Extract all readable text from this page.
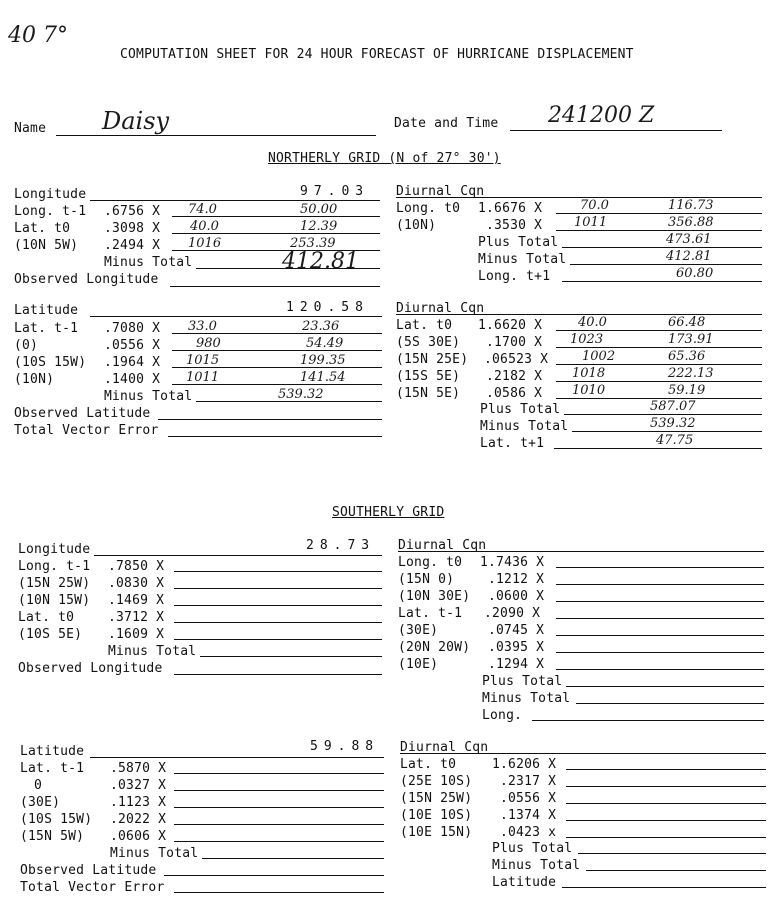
40 7°
COMPUTATION SHEET FOR 24 HOUR FORECAST OF HURRICANE DISPLACEMENT
Name Daisy	Date and Time 241200 Z
NORTHERLY GRID (N of 27° 30')
Longitude	97.03
Long. t-1 .6756 X 74.0	50.00
Lat. t0	.3098 X 40.0	12.39
(10N 5W) .2494 X 1016	253.39
Minus Total	412.81
Observed Longitude
Diurnal Cqn
Long. t0 1.6676 X	70.0	116.73
(10N)	.3530 X 1011	356.88
Plus Total	473.61
Minus Total	412.81
Long. t+1	60.80
Latitude	120.58
Lat. t-1 .7080 X 33.0	23.36
(0)	.0556 X	980	54.49
(10S 15W) .1964 X 1015	199.35
(10N)	.1400 X 1011	141.54
Minus Total	539.32
Observed Latitude
Total Vector Error
Diurnal Cqn
Lat. t0 1.6620 X	40.0	66.48
(5S 30E) .1700 X 1023	173.91
(15N 25E) .06523 X	1002	65.36
(15S 5E) .2182 X 1018	222.13
(15N 5E) .0586 X 1010	59.19
Plus Total	587.07
Minus Total	539.32
Lat. t+1	47.75
SOUTHERLY GRID
Longitude	28.73
Long. t-1 .7850 X
(15N 25W) .0830 X
(10N 15W) .1469 X
Lat. t0	.3712 X
(10S 5E) .1609 X
Minus Total
Observed Longitude
Diurnal Cqn
Long. t0 1.7436 X
(15N 0)	.1212 X
(10N 30E) .0600 X
Lat. t-1 .2090 X
(30E)	.0745 X
(20N 20W) .0395 X
(10E)	.1294 X
Plus Total
Minus Total
Long.
Latitude	59.88
Lat. t-1 .5870 X
0	.0327 X
(30E)	.1123 X
(10S 15W) .2022 X
(15N 5W) .0606 X
Minus Total
Observed Latitude
Total Vector Error
Diurnal Cqn
Lat. t0	1.6206 X
(25E 10S) .2317 X
(15N 25W) .0556 X
(10E 10S) .1374 X
(10E 15N) .0423 x
Plus Total
Minus Total
Latitude
